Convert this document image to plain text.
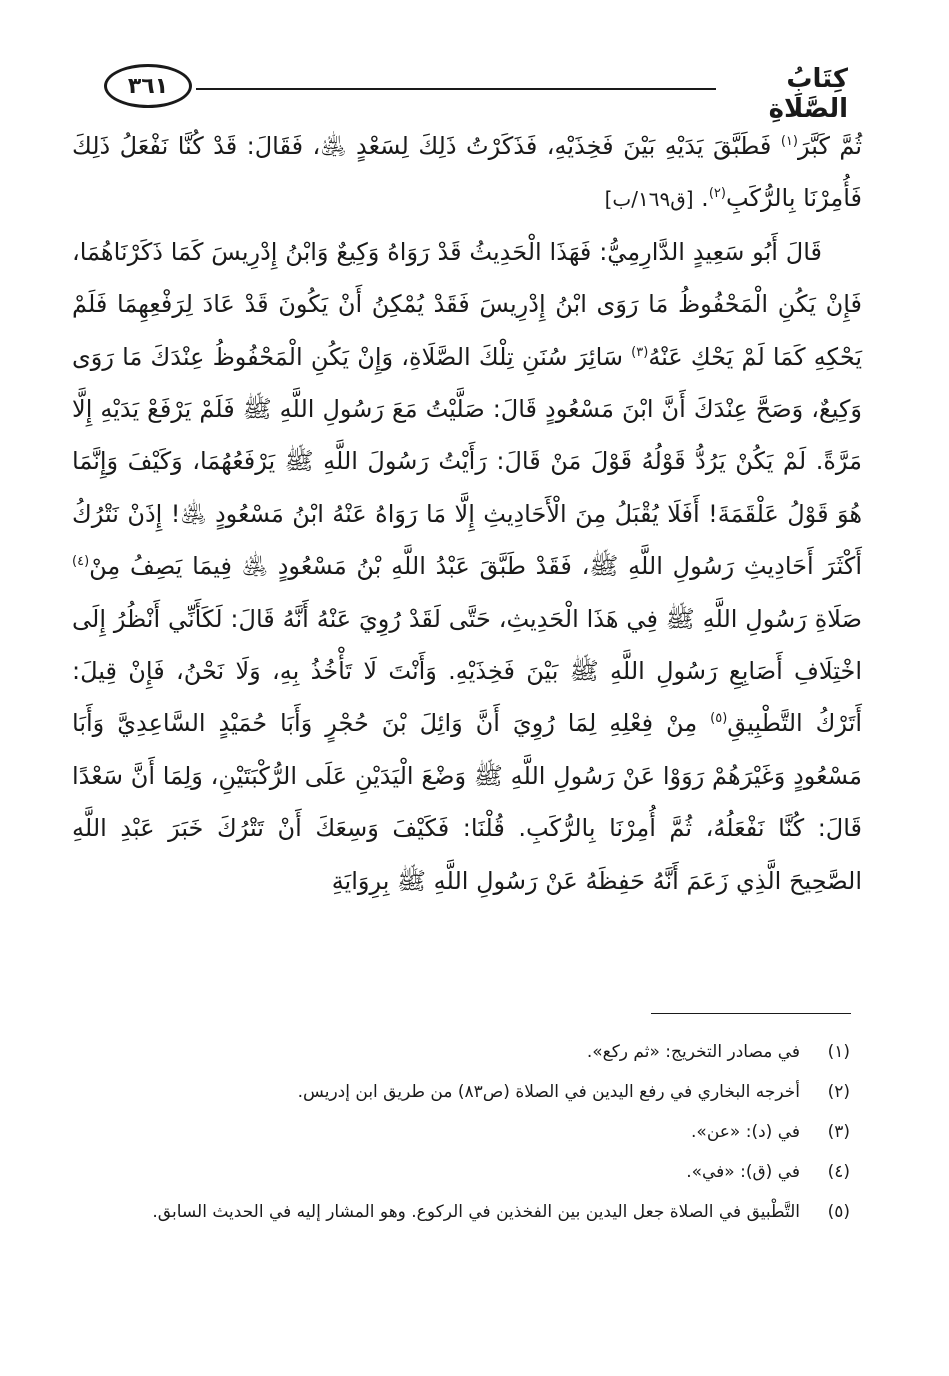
٣٦١	كِتَابُ الصَّلَاةِ

ثُمَّ كَبَّرَ$^{(١)}$ فَطَبَّقَ يَدَيْهِ بَيْنَ فَخِذَيْهِ، فَذَكَرْتُ ذَلِكَ لِسَعْدٍ ﵁، فَقَالَ: قَدْ كُنَّا نَفْعَلُ ذَلِكَ فَأُمِرْنَا بِالرُّكَبِ$^{(٢)}$. [ق١٦٩/ب]

قَالَ أَبُو سَعِيدٍ الدَّارِمِيُّ: فَهَذَا الْحَدِيثُ قَدْ رَوَاهُ وَكِيعٌ وَابْنُ إِدْرِيسَ كَمَا ذَكَرْنَاهُمَا، فَإِنْ يَكُنِ الْمَحْفُوظُ مَا رَوَى ابْنُ إِدْرِيسَ فَقَدْ يُمْكِنُ أَنْ يَكُونَ قَدْ عَادَ لِرَفْعِهِمَا فَلَمْ يَحْكِهِ كَمَا لَمْ يَحْكِ عَنْهُ$^{(٣)}$ سَائِرَ سُنَنِ تِلْكَ الصَّلَاةِ، وَإِنْ يَكُنِ الْمَحْفُوظُ عِنْدَكَ مَا رَوَى وَكِيعٌ، وَصَحَّ عِنْدَكَ أَنَّ ابْنَ مَسْعُودٍ قَالَ: صَلَّيْتُ مَعَ رَسُولِ اللَّهِ ﷺ فَلَمْ يَرْفَعْ يَدَيْهِ إِلَّا مَرَّةً. لَمْ يَكُنْ يَرُدُّ قَوْلُهُ قَوْلَ مَنْ قَالَ: رَأَيْتُ رَسُولَ اللَّهِ ﷺ يَرْفَعُهُمَا، وَكَيْفَ وَإِنَّمَا هُوَ قَوْلُ عَلْقَمَةَ! أَفَلَا يُقْبَلُ مِنَ الْأَحَادِيثِ إِلَّا مَا رَوَاهُ عَنْهُ ابْنُ مَسْعُودٍ ﵁! إِذَنْ نَتْرُكُ أَكْثَرَ أَحَادِيثِ رَسُولِ اللَّهِ ﷺ، فَقَدْ طَبَّقَ عَبْدُ اللَّهِ بْنُ مَسْعُودٍ ﵁ فِيمَا يَصِفُ مِنْ$^{(٤)}$ صَلَاةِ رَسُولِ اللَّهِ ﷺ فِي هَذَا الْحَدِيثِ، حَتَّى لَقَدْ رُوِيَ عَنْهُ أَنَّهُ قَالَ: لَكَأَنِّي أَنْظُرُ إِلَى اخْتِلَافِ أَصَابِعِ رَسُولِ اللَّهِ ﷺ بَيْنَ فَخِذَيْهِ. وَأَنْتَ لَا تَأْخُذُ بِهِ، وَلَا نَحْنُ، فَإِنْ قِيلَ: أَتَرْكُ التَّطْبِيقِ$^{(٥)}$ مِنْ فِعْلِهِ لِمَا رُوِيَ أَنَّ وَائِلَ بْنَ حُجْرٍ وَأَبَا حُمَيْدٍ السَّاعِدِيَّ وَأَبَا مَسْعُودٍ وَغَيْرَهُمْ رَوَوْا عَنْ رَسُولِ اللَّهِ ﷺ وَضْعَ الْيَدَيْنِ عَلَى الرُّكْبَتَيْنِ، وَلِمَا أَنَّ سَعْدًا قَالَ: كُنَّا نَفْعَلُهُ، ثُمَّ أُمِرْنَا بِالرُّكَبِ. قُلْنَا: فَكَيْفَ وَسِعَكَ أَنْ تَتْرُكَ خَبَرَ عَبْدِ اللَّهِ الصَّحِيحَ الَّذِي زَعَمَ أَنَّهُ حَفِظَهُ عَنْ رَسُولِ اللَّهِ ﷺ بِرِوَايَةِ

(١)
في مصادر التخريج: «ثم ركع».
(٢)
أخرجه البخاري في رفع اليدين في الصلاة (ص٨٣) من طريق ابن إدريس.
(٣)
في (د): «عن».
(٤)
في (ق): «في».
(٥)
التَّطْبيق في الصلاة جعل اليدين بين الفخذين في الركوع. وهو المشار إليه في الحديث السابق.
